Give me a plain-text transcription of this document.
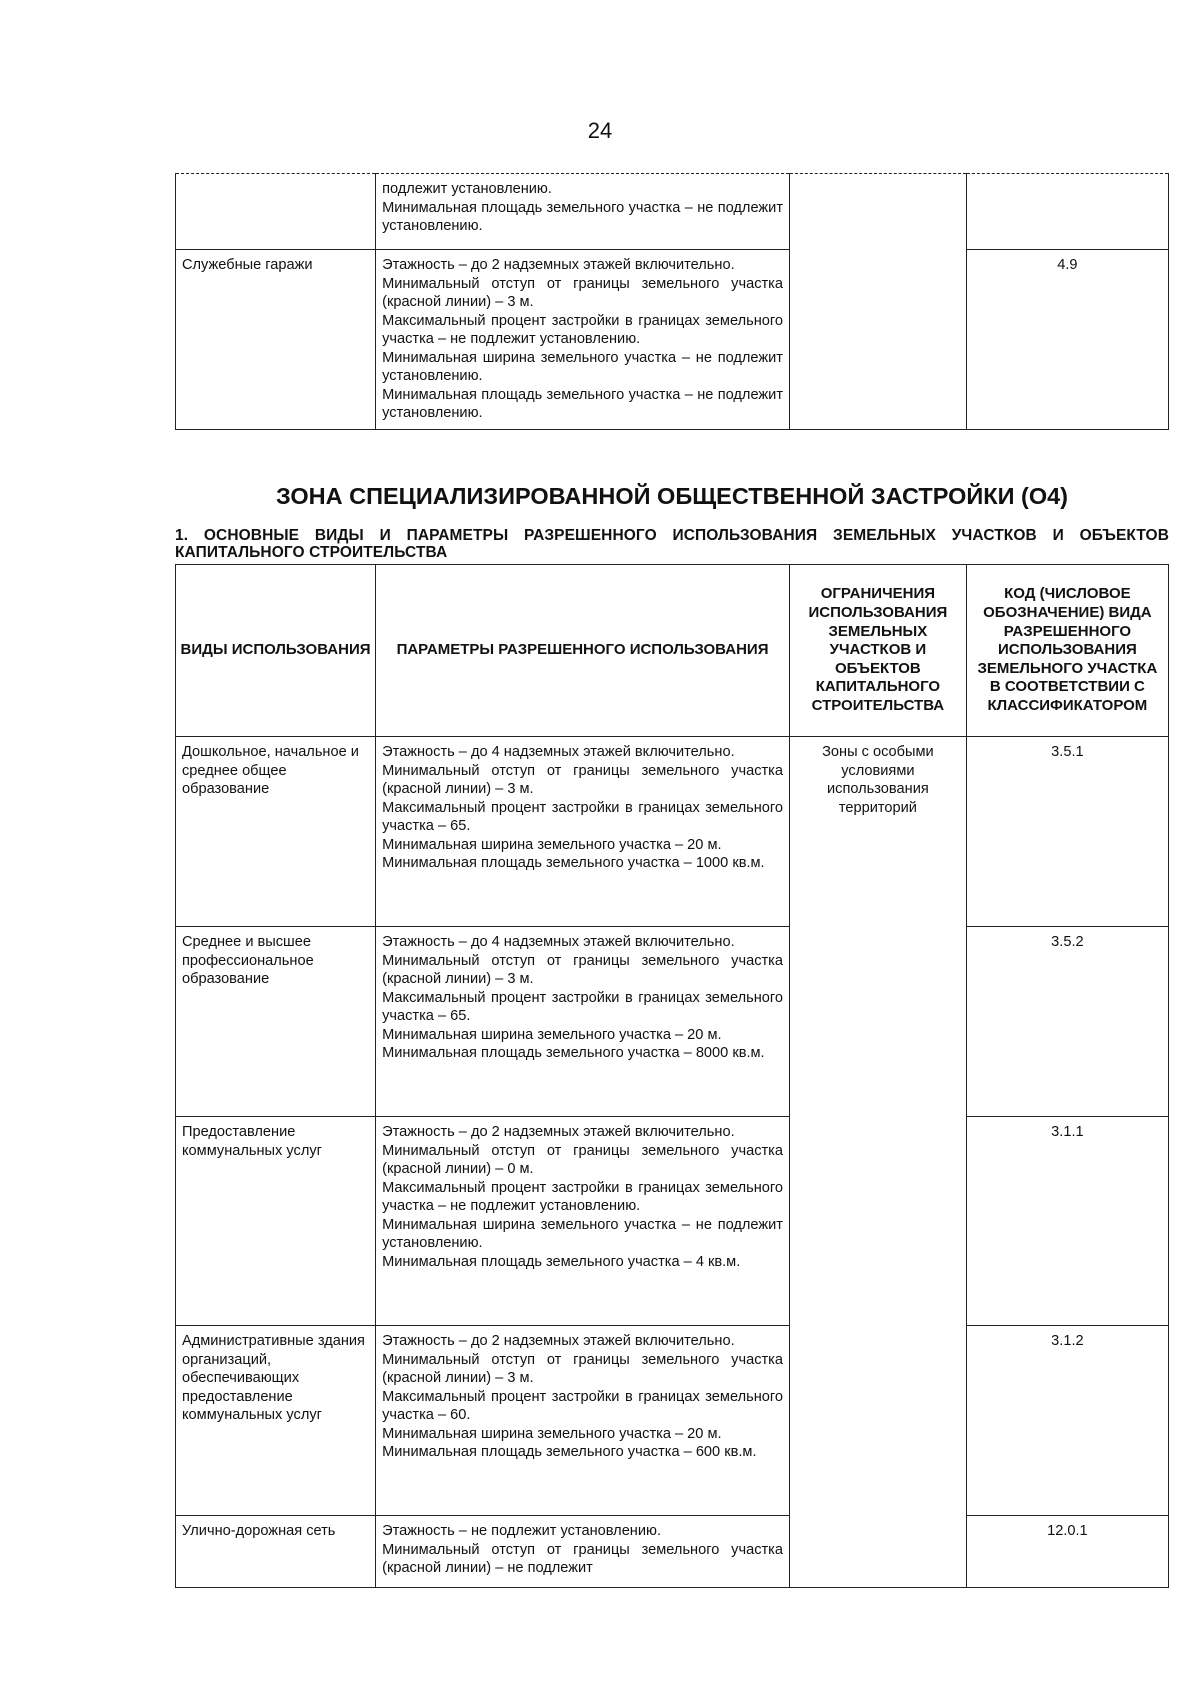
24

	подлежит установлению.
Минимальная площадь земельного участка – не подлежит установлению.		

Служебные гаражи	Этажность – до 2 надземных этажей включительно.
Минимальный отступ от границы земельного участка (красной линии) – 3 м.
Максимальный процент застройки в границах земельного участка – не подлежит установлению.
Минимальная ширина земельного участка – не подлежит установлению.
Минимальная площадь земельного участка – не подлежит установлению.		4.9
ЗОНА СПЕЦИАЛИЗИРОВАННОЙ ОБЩЕСТВЕННОЙ ЗАСТРОЙКИ (О4)
1. ОСНОВНЫЕ ВИДЫ И ПАРАМЕТРЫ РАЗРЕШЕННОГО ИСПОЛЬЗОВАНИЯ ЗЕМЕЛЬНЫХ УЧАСТКОВ И ОБЪЕКТОВ КАПИТАЛЬНОГО СТРОИТЕЛЬСТВА
ВИДЫ ИСПОЛЬЗОВАНИЯ	ПАРАМЕТРЫ РАЗРЕШЕННОГО ИСПОЛЬЗОВАНИЯ	ОГРАНИЧЕНИЯ ИСПОЛЬЗОВАНИЯ ЗЕМЕЛЬНЫХ УЧАСТКОВ И ОБЪЕКТОВ КАПИТАЛЬНОГО СТРОИТЕЛЬСТВА	КОД (ЧИСЛОВОЕ ОБОЗНАЧЕНИЕ) ВИДА РАЗРЕШЕННОГО ИСПОЛЬЗОВАНИЯ ЗЕМЕЛЬНОГО УЧАСТКА В СООТВЕТСТВИИ С КЛАССИФИКАТОРОМ
Дошкольное, начальное и среднее общее образование	Этажность – до 4 надземных этажей включительно.
Минимальный отступ от границы земельного участка (красной линии) – 3 м.
Максимальный процент застройки в границах земельного участка – 65.
Минимальная ширина земельного участка – 20 м.
Минимальная площадь земельного участка – 1000 кв.м.	Зоны с особыми условиями использования территорий	3.5.1
Среднее и высшее профессиональное образование	Этажность – до 4 надземных этажей включительно.
Минимальный отступ от границы земельного участка (красной линии) – 3 м.
Максимальный процент застройки в границах земельного участка – 65.
Минимальная ширина земельного участка – 20 м.
Минимальная площадь земельного участка – 8000 кв.м.		3.5.2
Предоставление коммунальных услуг	Этажность – до 2 надземных этажей включительно.
Минимальный отступ от границы земельного участка (красной линии) – 0 м.
Максимальный процент застройки в границах земельного участка – не подлежит установлению.
Минимальная ширина земельного участка – не подлежит установлению.
Минимальная площадь земельного участка – 4 кв.м.		3.1.1
Административные здания организаций, обеспечивающих предоставление коммунальных услуг	Этажность – до 2 надземных этажей включительно.
Минимальный отступ от границы земельного участка (красной линии) – 3 м.
Максимальный процент застройки в границах земельного участка – 60.
Минимальная ширина земельного участка – 20 м.
Минимальная площадь земельного участка – 600 кв.м.		3.1.2
Улично-дорожная сеть	Этажность – не подлежит установлению.
Минимальный отступ от границы земельного участка (красной линии) – не подлежит		12.0.1
